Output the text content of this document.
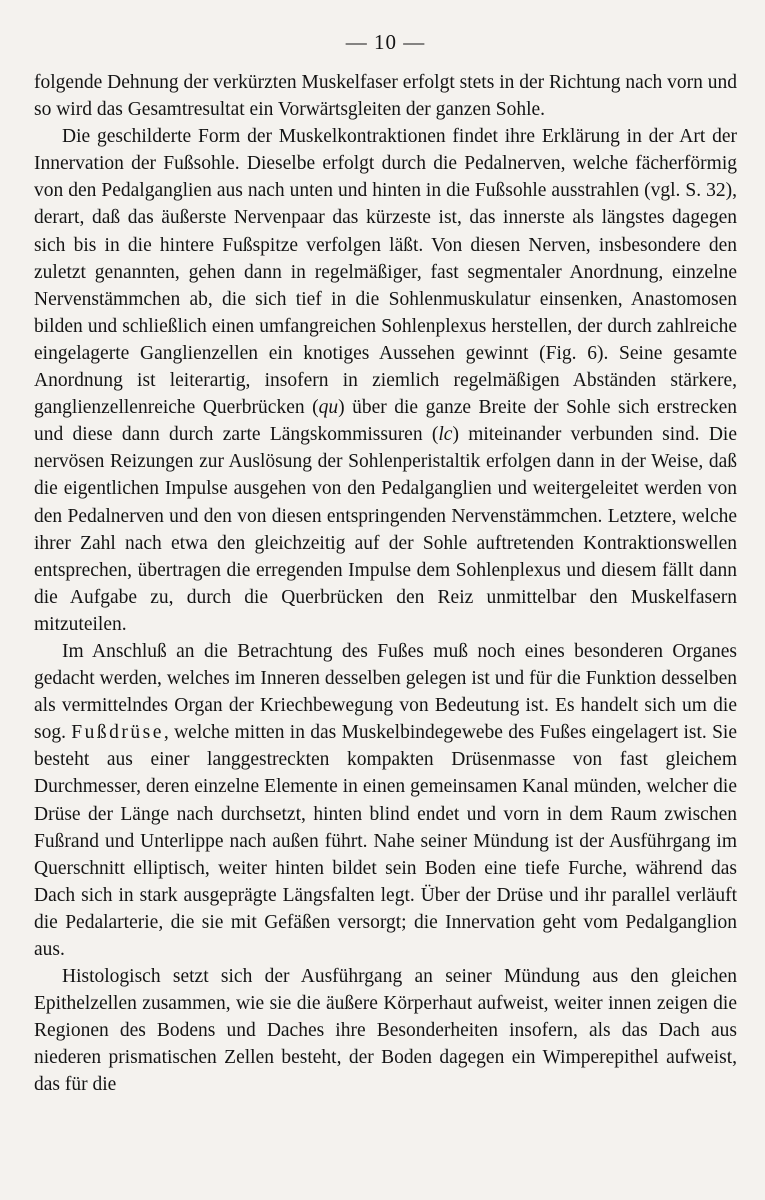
— 10 —

folgende Dehnung der verkürzten Muskelfaser erfolgt stets in der Richtung nach vorn und so wird das Gesamtresultat ein Vorwärtsgleiten der ganzen Sohle.

Die geschilderte Form der Muskelkontraktionen findet ihre Erklärung in der Art der Innervation der Fußsohle. Dieselbe erfolgt durch die Pedalnerven, welche fächerförmig von den Pedalganglien aus nach unten und hinten in die Fußsohle ausstrahlen (vgl. S. 32), derart, daß das äußerste Nervenpaar das kürzeste ist, das innerste als längstes dagegen sich bis in die hintere Fußspitze verfolgen läßt. Von diesen Nerven, insbesondere den zuletzt genannten, gehen dann in regelmäßiger, fast segmentaler Anordnung, einzelne Nervenstämmchen ab, die sich tief in die Sohlenmuskulatur einsenken, Anastomosen bilden und schließlich einen umfangreichen Sohlenplexus herstellen, der durch zahlreiche eingelagerte Ganglienzellen ein knotiges Aussehen gewinnt (Fig. 6). Seine gesamte Anordnung ist leiterartig, insofern in ziemlich regelmäßigen Abständen stärkere, ganglienzellenreiche Querbrücken (qu) über die ganze Breite der Sohle sich erstrecken und diese dann durch zarte Längskommissuren (lc) miteinander verbunden sind. Die nervösen Reizungen zur Auslösung der Sohlenperistaltik erfolgen dann in der Weise, daß die eigentlichen Impulse ausgehen von den Pedalganglien und weitergeleitet werden von den Pedalnerven und den von diesen entspringenden Nervenstämmchen. Letztere, welche ihrer Zahl nach etwa den gleichzeitig auf der Sohle auftretenden Kontraktionswellen entsprechen, übertragen die erregenden Impulse dem Sohlenplexus und diesem fällt dann die Aufgabe zu, durch die Querbrücken den Reiz unmittelbar den Muskelfasern mitzuteilen.

Im Anschluß an die Betrachtung des Fußes muß noch eines besonderen Organes gedacht werden, welches im Inneren desselben gelegen ist und für die Funktion desselben als vermittelndes Organ der Kriechbewegung von Bedeutung ist. Es handelt sich um die sog. Fußdrüse, welche mitten in das Muskelbindegewebe des Fußes eingelagert ist. Sie besteht aus einer langgestreckten kompakten Drüsenmasse von fast gleichem Durchmesser, deren einzelne Elemente in einen gemeinsamen Kanal münden, welcher die Drüse der Länge nach durchsetzt, hinten blind endet und vorn in dem Raum zwischen Fußrand und Unterlippe nach außen führt. Nahe seiner Mündung ist der Ausführgang im Querschnitt elliptisch, weiter hinten bildet sein Boden eine tiefe Furche, während das Dach sich in stark ausgeprägte Längsfalten legt. Über der Drüse und ihr parallel verläuft die Pedalarterie, die sie mit Gefäßen versorgt; die Innervation geht vom Pedalganglion aus.

Histologisch setzt sich der Ausführgang an seiner Mündung aus den gleichen Epithelzellen zusammen, wie sie die äußere Körperhaut aufweist, weiter innen zeigen die Regionen des Bodens und Daches ihre Besonderheiten insofern, als das Dach aus niederen prismatischen Zellen besteht, der Boden dagegen ein Wimperepithel aufweist, das für die
